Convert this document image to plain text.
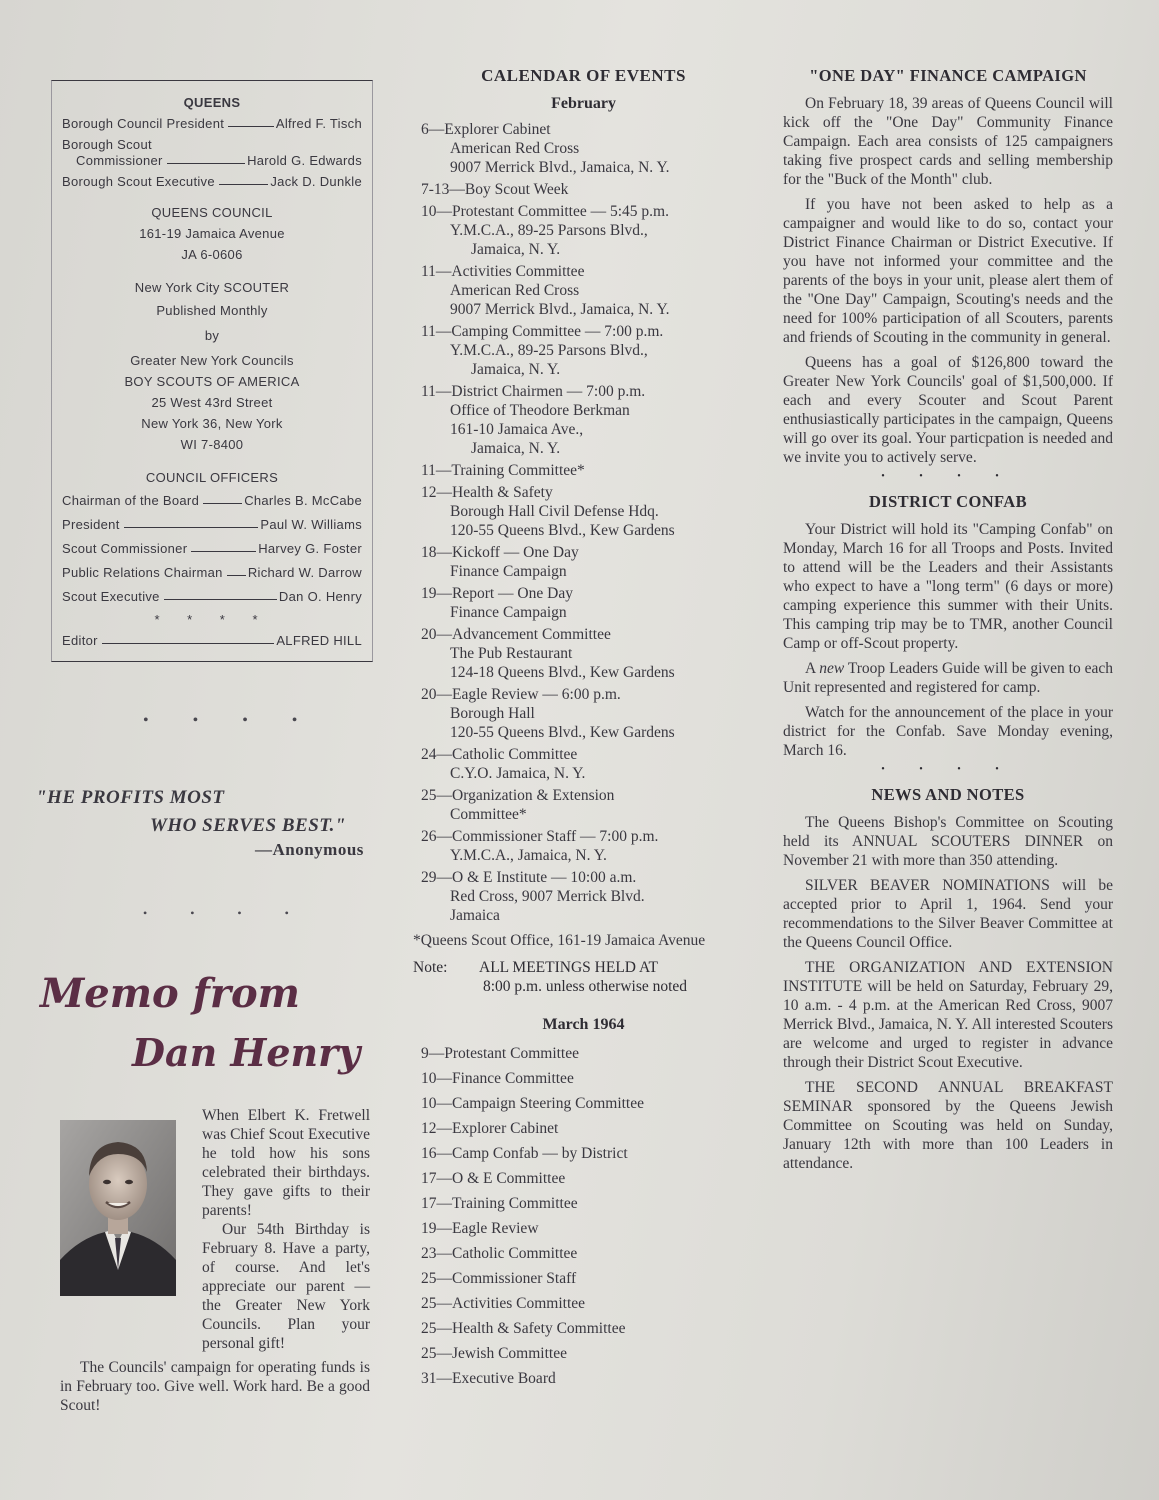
QUEENS
Borough Council President	Alfred F. Tisch
Borough Scout
Commissioner	Harold G. Edwards
Borough Scout Executive	Jack D. Dunkle
QUEENS COUNCIL
161-19 Jamaica Avenue
JA 6-0606
New York City SCOUTER
Published Monthly
by
Greater New York Councils
BOY SCOUTS OF AMERICA
25 West 43rd Street
New York 36, New York
WI 7-8400
COUNCIL OFFICERS
Chairman of the Board	Charles B. McCabe
President	Paul W. Williams
Scout Commissioner	Harvey G. Foster
Public Relations Chairman Richard W. Darrow
Scout Executive	Dan O. Henry
* * * *
Editor	ALFRED HILL
• • • •
"HE PROFITS MOST
WHO SERVES BEST."
—Anonymous
• • • •
Memo from
Dan Henry
When Elbert K. Fretwell was Chief Scout Executive he told how his sons celebrated their birthdays. They gave gifts to their parents!
Our 54th Birthday is February 8. Have a party, of course. And let's appreciate our parent — the Greater New York Councils. Plan your personal gift!
The Councils' campaign for operating funds is in February too. Give well. Work hard. Be a good Scout!
CALENDAR OF EVENTS
February
6—Explorer Cabinet
American Red Cross
9007 Merrick Blvd., Jamaica, N. Y.
7-13—Boy Scout Week
10—Protestant Committee — 5:45 p.m.
Y.M.C.A., 89-25 Parsons Blvd.,
Jamaica, N. Y.
11—Activities Committee
American Red Cross
9007 Merrick Blvd., Jamaica, N. Y.
11—Camping Committee — 7:00 p.m.
Y.M.C.A., 89-25 Parsons Blvd.,
Jamaica, N. Y.
11—District Chairmen — 7:00 p.m.
Office of Theodore Berkman
161-10 Jamaica Ave.,
Jamaica, N. Y.
11—Training Committee*
12—Health & Safety
Borough Hall Civil Defense Hdq.
120-55 Queens Blvd., Kew Gardens
18—Kickoff — One Day
Finance Campaign
19—Report — One Day
Finance Campaign
20—Advancement Committee
The Pub Restaurant
124-18 Queens Blvd., Kew Gardens
20—Eagle Review — 6:00 p.m.
Borough Hall
120-55 Queens Blvd., Kew Gardens
24—Catholic Committee
C.Y.O. Jamaica, N. Y.
25—Organization & Extension
Committee*
26—Commissioner Staff — 7:00 p.m.
Y.M.C.A., Jamaica, N. Y.
29—O & E Institute — 10:00 a.m.
Red Cross, 9007 Merrick Blvd.
Jamaica
*Queens Scout Office, 161-19 Jamaica Avenue
Note:	ALL MEETINGS HELD AT
8:00 p.m. unless otherwise noted
March 1964
9—Protestant Committee
10—Finance Committee
10—Campaign Steering Committee
12—Explorer Cabinet
16—Camp Confab — by District
17—O & E Committee
17—Training Committee
19—Eagle Review
23—Catholic Committee
25—Commissioner Staff
25—Activities Committee
25—Health & Safety Committee
25—Jewish Committee
31—Executive Board
"ONE DAY" FINANCE CAMPAIGN
On February 18, 39 areas of Queens Council will kick off the "One Day" Community Finance Campaign. Each area consists of 125 campaigners taking five prospect cards and selling membership for the "Buck of the Month" club.
If you have not been asked to help as a campaigner and would like to do so, contact your District Finance Chairman or District Executive. If you have not informed your committee and the parents of the boys in your unit, please alert them of the "One Day" Campaign, Scouting's needs and the need for 100% participation of all Scouters, parents and friends of Scouting in the community in general.
Queens has a goal of $126,800 toward the Greater New York Councils' goal of $1,500,000. If each and every Scouter and Scout Parent enthusiastically participates in the campaign, Queens will go over its goal. Your particpation is needed and we invite you to actively serve.
• • • •
DISTRICT CONFAB
Your District will hold its "Camping Confab" on Monday, March 16 for all Troops and Posts. Invited to attend will be the Leaders and their Assistants who expect to have a "long term" (6 days or more) camping experience this summer with their Units. This camping trip may be to TMR, another Council Camp or off-Scout property.
A new Troop Leaders Guide will be given to each Unit represented and registered for camp.
Watch for the announcement of the place in your district for the Confab. Save Monday evening, March 16.
• • • •
NEWS AND NOTES
The Queens Bishop's Committee on Scouting held its ANNUAL SCOUTERS DINNER on November 21 with more than 350 attending.
SILVER BEAVER NOMINATIONS will be accepted prior to April 1, 1964. Send your recommendations to the Silver Beaver Committee at the Queens Council Office.
THE ORGANIZATION AND EXTENSION INSTITUTE will be held on Saturday, February 29, 10 a.m. - 4 p.m. at the American Red Cross, 9007 Merrick Blvd., Jamaica, N. Y. All interested Scouters are welcome and urged to register in advance through their District Scout Executive.
THE SECOND ANNUAL BREAKFAST SEMINAR sponsored by the Queens Jewish Committee on Scouting was held on Sunday, January 12th with more than 100 Leaders in attendance.
